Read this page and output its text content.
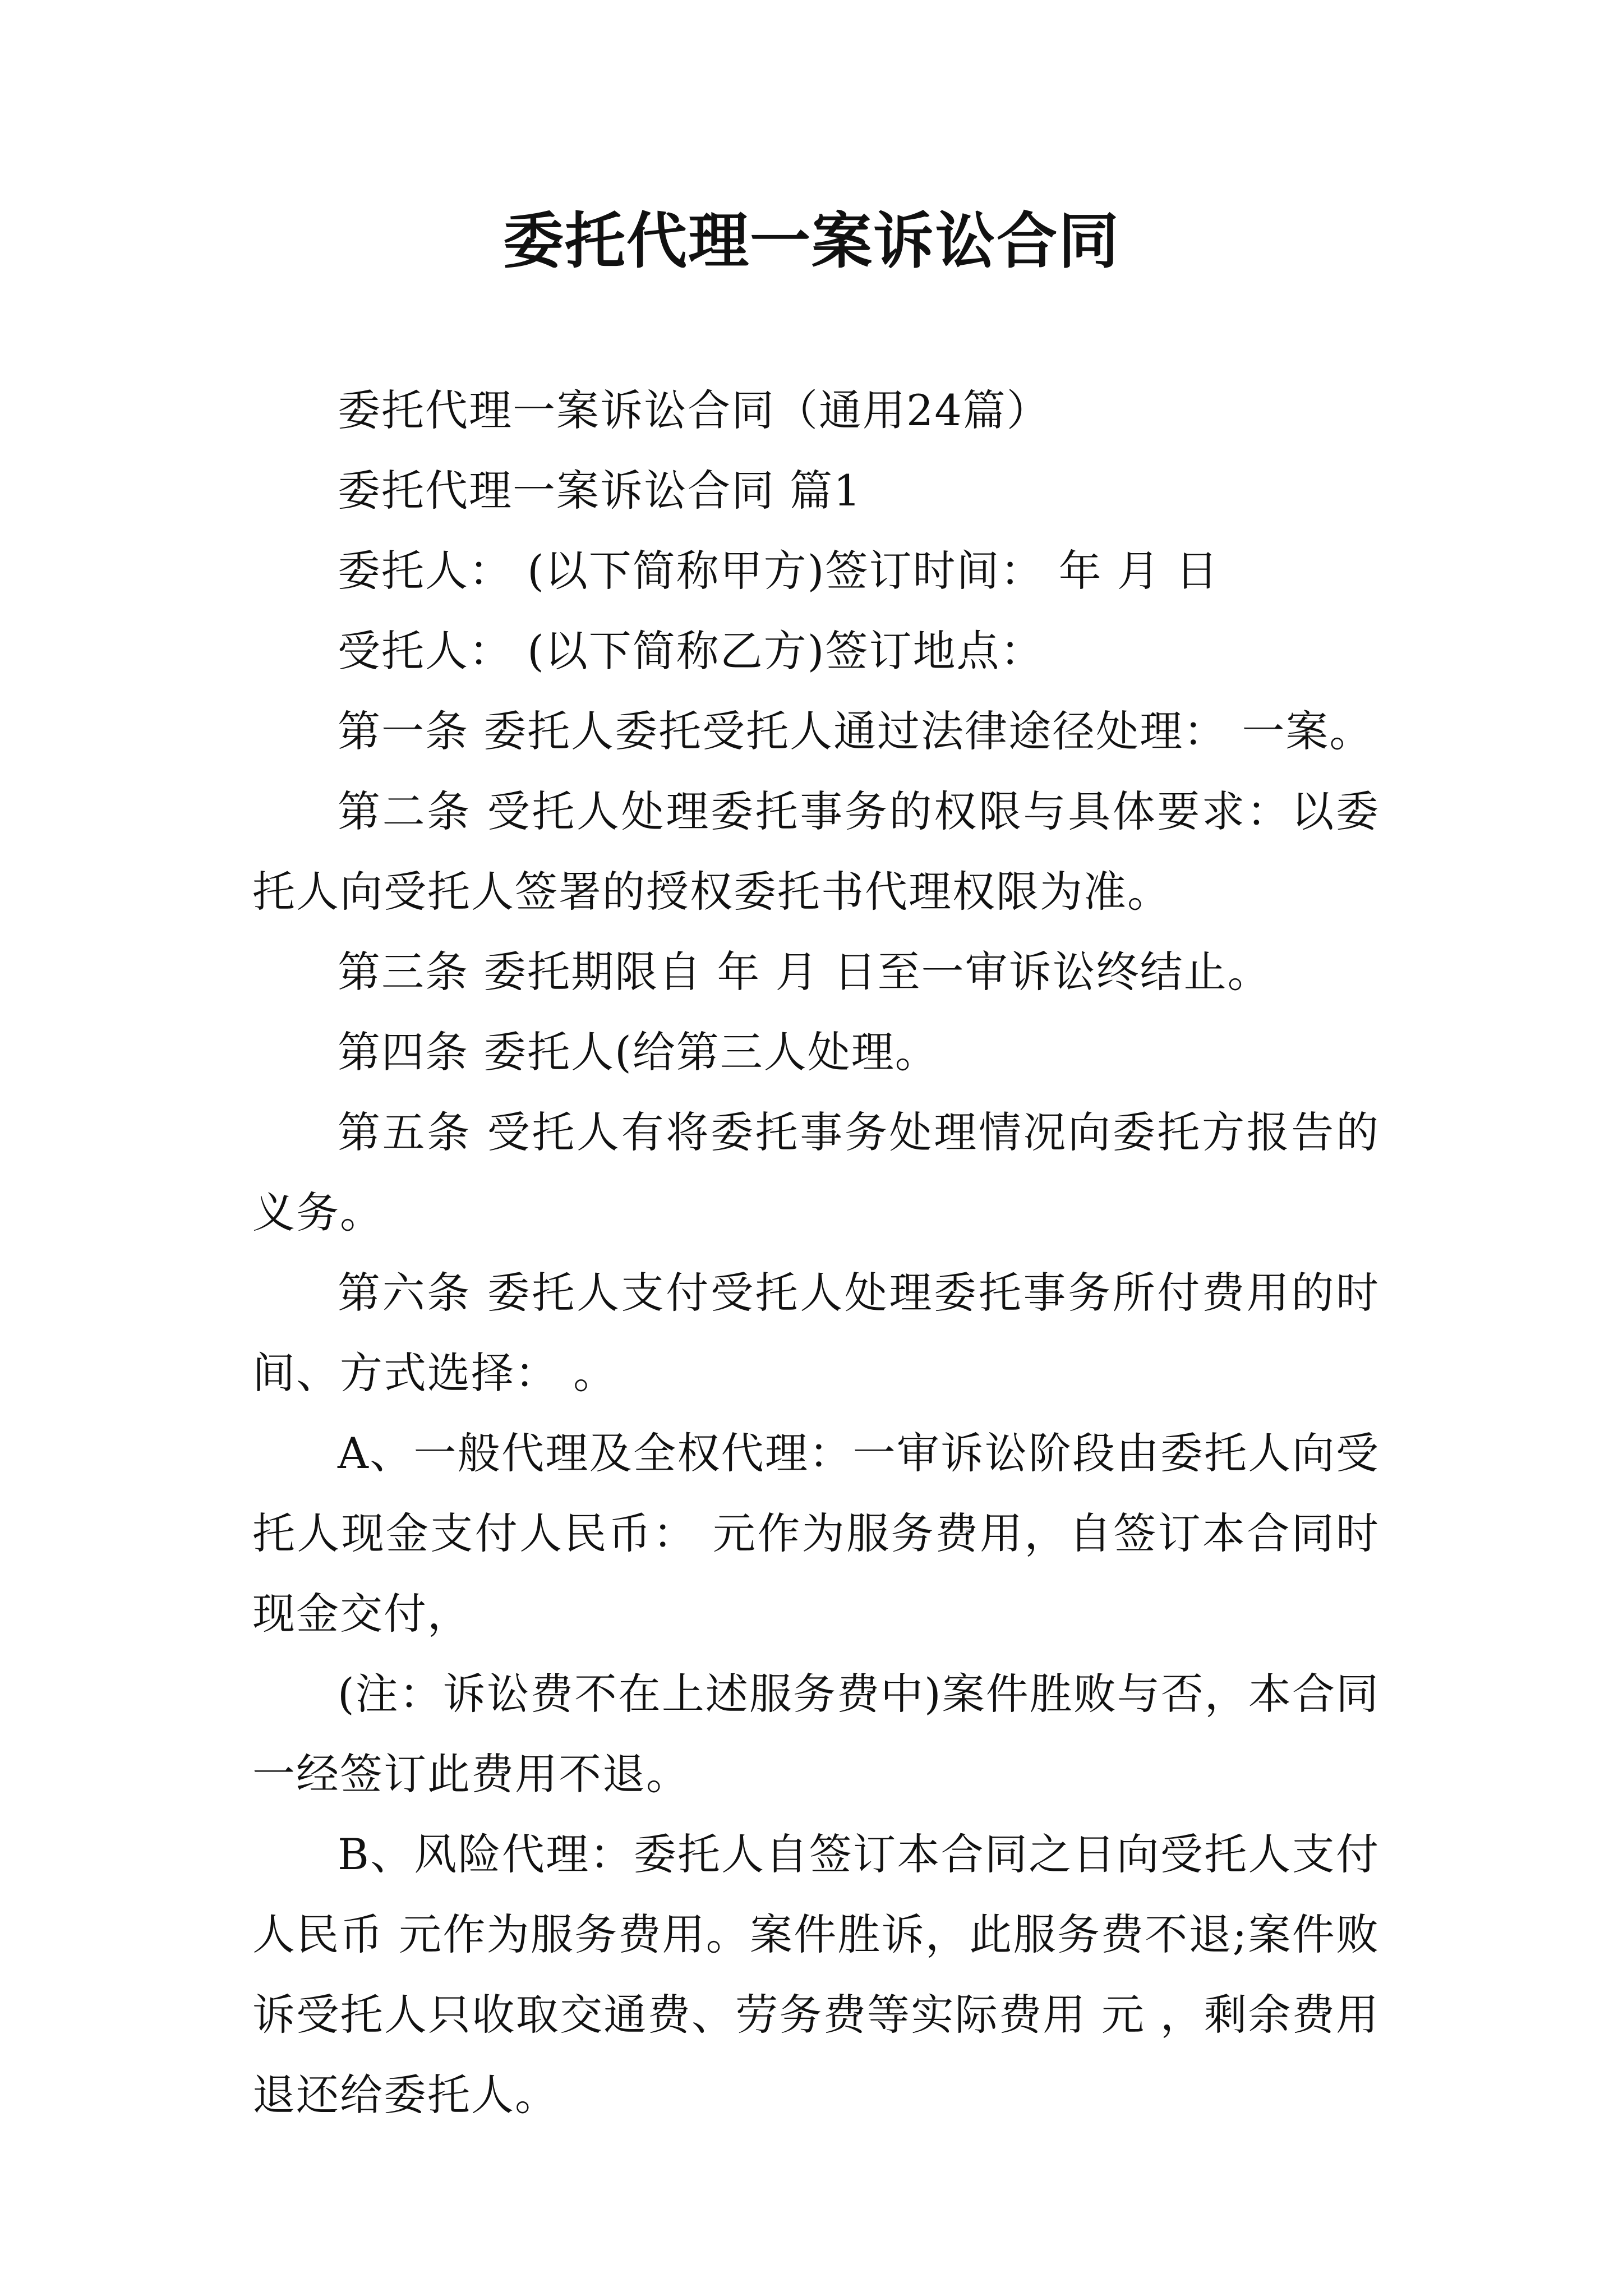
委托代理一案诉讼合同

委托代理一案诉讼合同（通用24篇）

委托代理一案诉讼合同 篇1

委托人： (以下简称甲方)签订时间： 年 月 日

受托人： (以下简称乙方)签订地点：

第一条 委托人委托受托人通过法律途径处理： 一案。

第二条 受托人处理委托事务的权限与具体要求：以委托人向受托人签署的授权委托书代理权限为准。

第三条 委托期限自 年 月 日至一审诉讼终结止。

第四条 委托人(给第三人处理。

第五条 受托人有将委托事务处理情况向委托方报告的义务。

第六条 委托人支付受托人处理委托事务所付费用的时间、方式选择： 。

A、一般代理及全权代理：一审诉讼阶段由委托人向受托人现金支付人民币： 元作为服务费用，自签订本合同时现金交付，

(注：诉讼费不在上述服务费中)案件胜败与否，本合同一经签订此费用不退。

B、风险代理：委托人自签订本合同之日向受托人支付人民币 元作为服务费用。案件胜诉，此服务费不退;案件败诉受托人只收取交通费、劳务费等实际费用 元 ，剩余费用退还给委托人。
